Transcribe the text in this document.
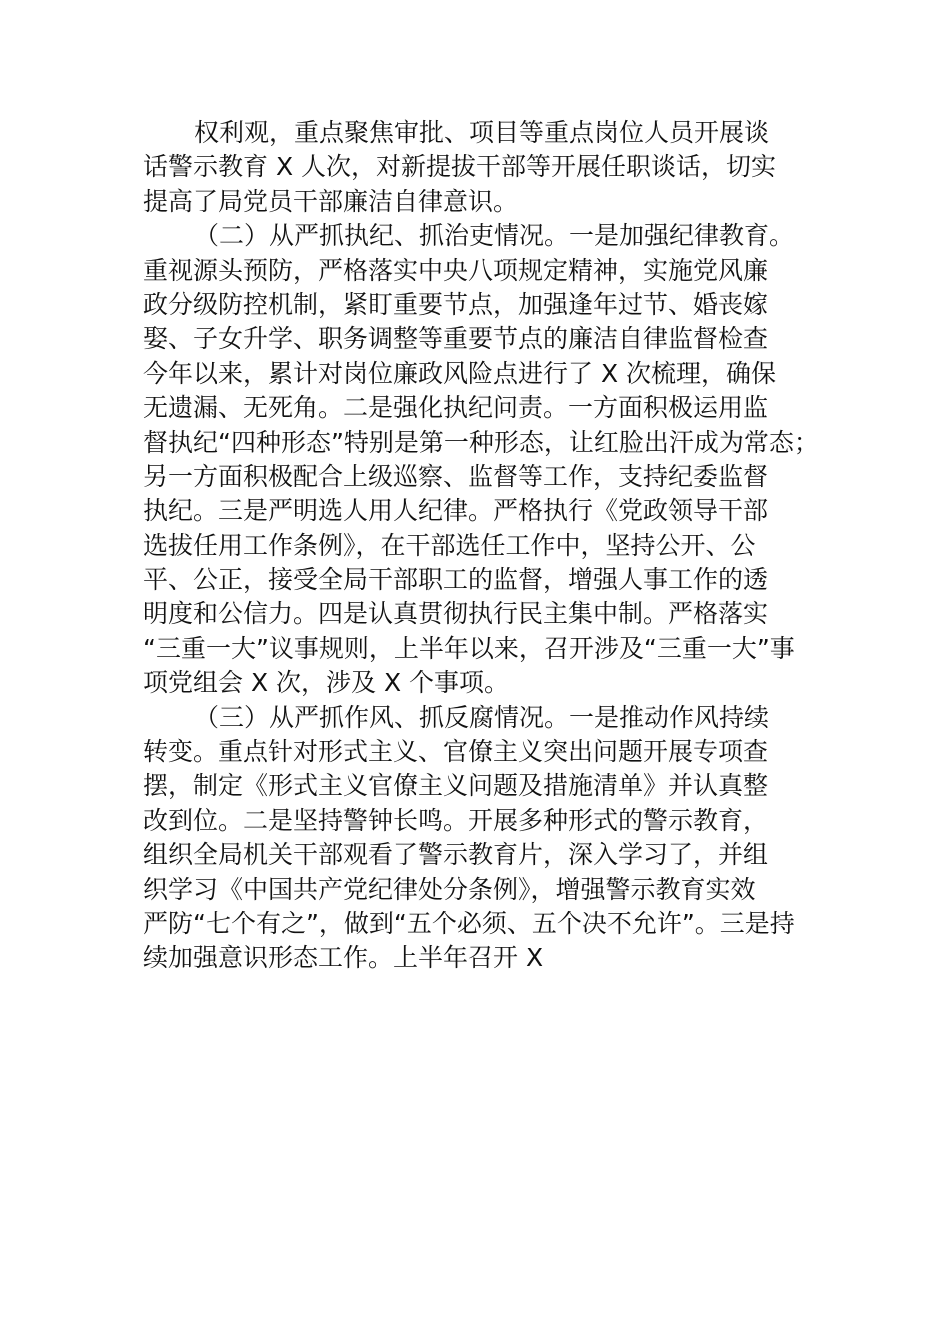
权利观，重点聚焦审批、项目等重点岗位人员开展谈
话警示教育 X 人次，对新提拔干部等开展任职谈话，切实
提高了局党员干部廉洁自律意识。
（二）从严抓执纪、抓治吏情况。一是加强纪律教育。
重视源头预防，严格落实中央八项规定精神，实施党风廉
政分级防控机制，紧盯重要节点，加强逢年过节、婚丧嫁
娶、子女升学、职务调整等重要节点的廉洁自律监督检查
今年以来，累计对岗位廉政风险点进行了 X 次梳理，确保
无遗漏、无死角。二是强化执纪问责。一方面积极运用监
督执纪“四种形态”特别是第一种形态，让红脸出汗成为常态；
另一方面积极配合上级巡察、监督等工作，支持纪委监督
执纪。三是严明选人用人纪律。严格执行《党政领导干部
选拔任用工作条例》，在干部选任工作中，坚持公开、公
平、公正，接受全局干部职工的监督，增强人事工作的透
明度和公信力。四是认真贯彻执行民主集中制。严格落实
“三重一大”议事规则，上半年以来，召开涉及“三重一大”事
项党组会 X 次，涉及 X 个事项。
（三）从严抓作风、抓反腐情况。一是推动作风持续
转变。重点针对形式主义、官僚主义突出问题开展专项查
摆，制定《形式主义官僚主义问题及措施清单》并认真整
改到位。二是坚持警钟长鸣。开展多种形式的警示教育，
组织全局机关干部观看了警示教育片，深入学习了，并组
织学习《中国共产党纪律处分条例》，增强警示教育实效
严防“七个有之”，做到“五个必须、五个决不允许”。三是持
续加强意识形态工作。上半年召开 X
